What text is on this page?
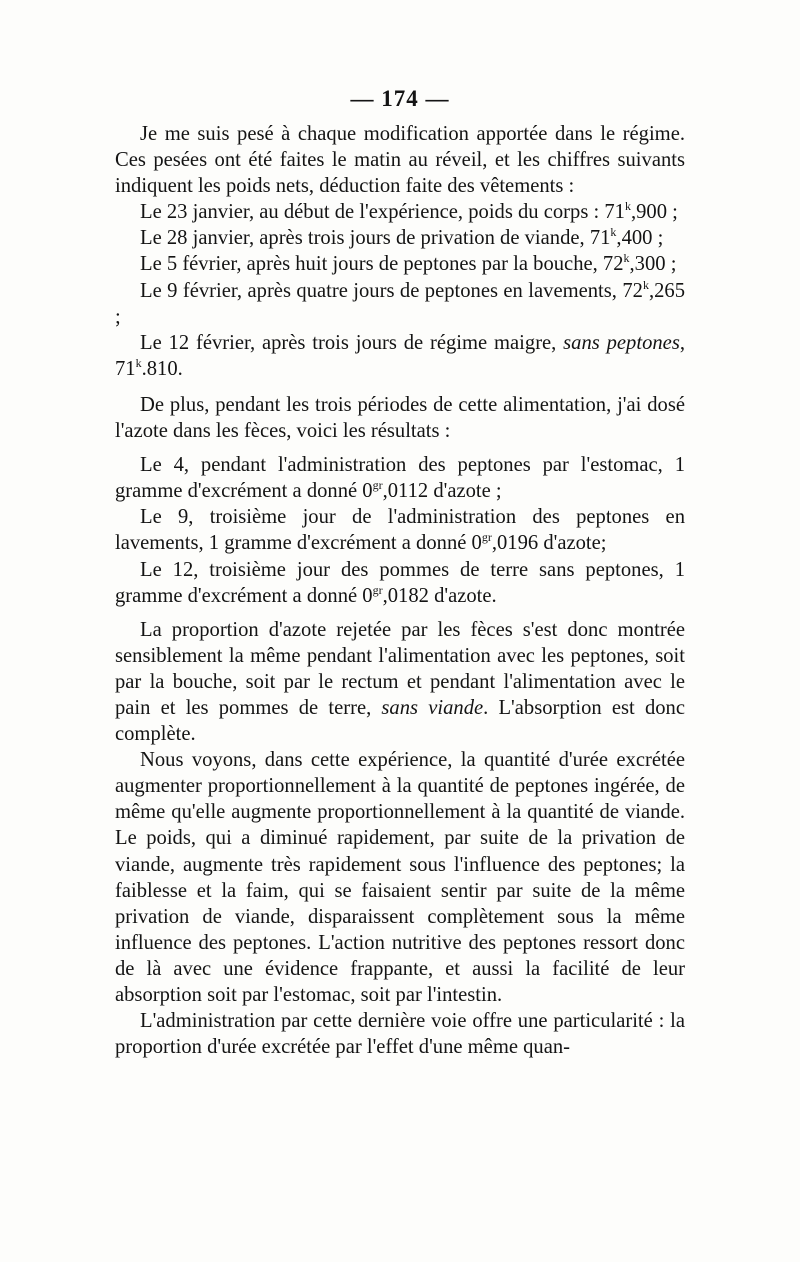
— 174 —

Je me suis pesé à chaque modification apportée dans le régime. Ces pesées ont été faites le matin au réveil, et les chiffres suivants indiquent les poids nets, déduction faite des vêtements :

Le 23 janvier, au début de l'expérience, poids du corps : 71$^k$,900 ;

Le 28 janvier, après trois jours de privation de viande, 71$^k$,400 ;

Le 5 février, après huit jours de peptones par la bouche, 72$^k$,300 ;

Le 9 février, après quatre jours de peptones en lavements, 72$^k$,265 ;

Le 12 février, après trois jours de régime maigre, sans peptones, 71$^k$.810.

De plus, pendant les trois périodes de cette alimentation, j'ai dosé l'azote dans les fèces, voici les résultats :

Le 4, pendant l'administration des peptones par l'estomac, 1 gramme d'excrément a donné $0^{gr},0112$ d'azote ;

Le 9, troisième jour de l'administration des peptones en lavements, 1 gramme d'excrément a donné $0^{gr},0196$ d'azote;

Le 12, troisième jour des pommes de terre sans peptones, 1 gramme d'excrément a donné $0^{gr},0182$ d'azote.

La proportion d'azote rejetée par les fèces s'est donc montrée sensiblement la même pendant l'alimentation avec les peptones, soit par la bouche, soit par le rectum et pendant l'alimentation avec le pain et les pommes de terre, sans viande. L'absorption est donc complète.

Nous voyons, dans cette expérience, la quantité d'urée excrétée augmenter proportionnellement à la quantité de peptones ingérée, de même qu'elle augmente proportionnellement à la quantité de viande. Le poids, qui a diminué rapidement, par suite de la privation de viande, augmente très rapidement sous l'influence des peptones; la faiblesse et la faim, qui se faisaient sentir par suite de la même privation de viande, disparaissent complètement sous la même influence des peptones. L'action nutritive des peptones ressort donc de là avec une évidence frappante, et aussi la facilité de leur absorption soit par l'estomac, soit par l'intestin.

L'administration par cette dernière voie offre une particularité : la proportion d'urée excrétée par l'effet d'une même quan-
